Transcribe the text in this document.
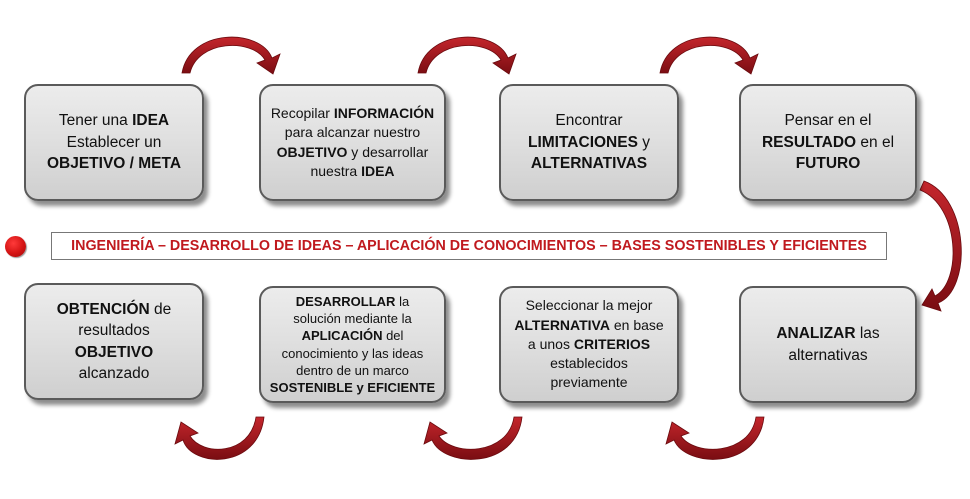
Tener una IDEA
Establecer un
OBJETIVO / META
Recopilar INFORMACIÓN
para alcanzar nuestro
OBJETIVO y desarrollar
nuestra IDEA
Encontrar
LIMITACIONES y
ALTERNATIVAS
Pensar en el
RESULTADO en el
FUTURO
INGENIERÍA – DESARROLLO DE IDEAS – APLICACIÓN DE CONOCIMIENTOS – BASES SOSTENIBLES Y EFICIENTES
ANALIZAR las
alternativas
Seleccionar la mejor
ALTERNATIVA en base
a unos CRITERIOS
establecidos
previamente
DESARROLLAR la
solución mediante la
APLICACIÓN del
conocimiento y las ideas
dentro de un marco
SOSTENIBLE y EFICIENTE
OBTENCIÓN de
resultados
OBJETIVO
alcanzado
